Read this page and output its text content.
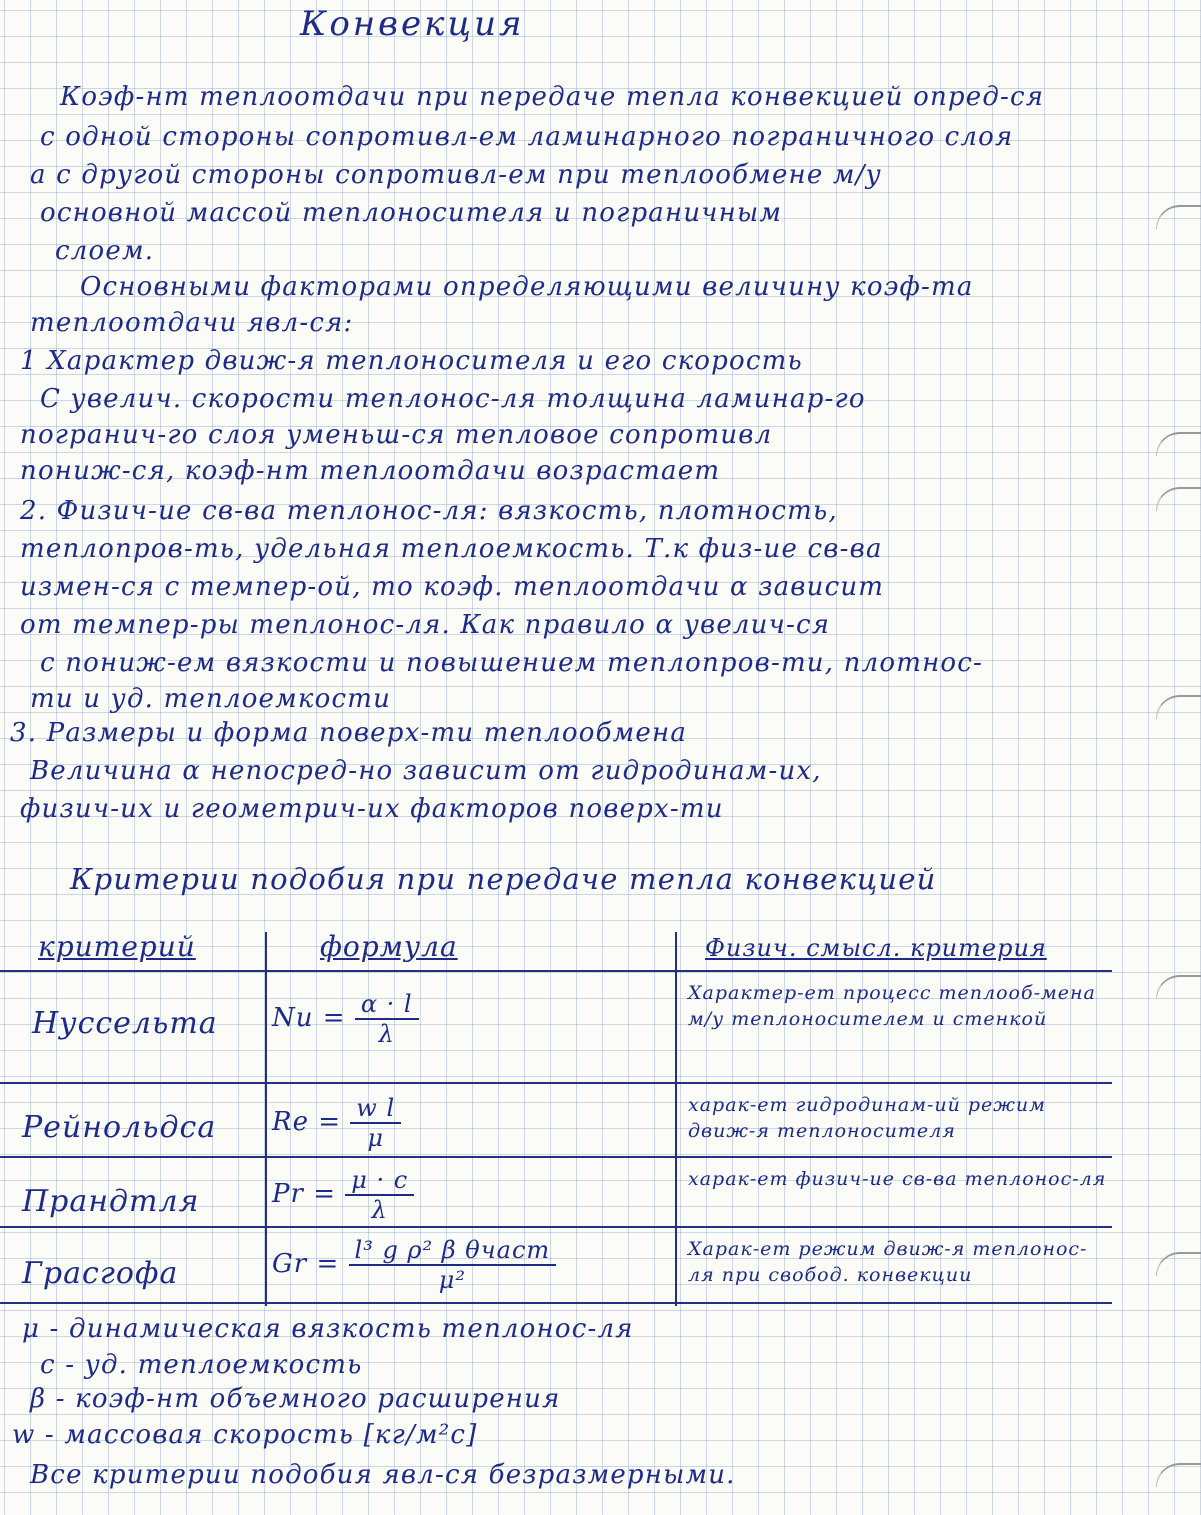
Конвекция
Коэф-нт теплоотдачи при передаче тепла конвекцией опред-ся
с одной стороны сопротивл-ем ламинарного пограничного слоя
а с другой стороны сопротивл-ем при теплообмене м/у
основной массой теплоносителя и пограничным
слоем.
Основными факторами определяющими величину коэф-та
теплоотдачи явл-ся:
1 Характер движ-я теплоносителя и его скорость
С увелич. скорости теплонос-ля толщина ламинар-го
погранич-го слоя уменьш-ся тепловое сопротивл
пониж-ся, коэф-нт теплоотдачи возрастает
2. Физич-ие св-ва теплонос-ля: вязкость, плотность,
теплопров-ть, удельная теплоемкость. Т.к физ-ие св-ва
измен-ся с темпер-ой, то коэф. теплоотдачи α зависит
от темпер-ры теплонос-ля. Как правило α увелич-ся
с пониж-ем вязкости и повышением теплопров-ти, плотнос-
ти и уд. теплоемкости
3. Размеры и форма поверх-ти теплообмена
Величина α непосред-но зависит от гидродинам-их,
физич-их и геометрич-их факторов поверх-ти
Критерии подобия при передаче тепла конвекцией
критерий	формула	Физич. смысл. критерия
Нуссельта $Nu = \frac{\alpha \cdot l}{\lambda}$	Характер-ет процесс теплооб-мена м/у теплоносителем и стенкой
Рейнольдса $Re = \frac{\text{w l}}{\mu}$	харак-ет гидродинам-ий режим движ-я теплоносителя
Прандтля	$Pr = \frac{\mu \cdot c}{\lambda}$	харак-ет физич-ие св-ва теплонос-ля
Грасгофа	$Gr = \frac{\text{l³ g ρ² β θчаст}}{\text{μ²}}$	Харак-ет режим движ-я теплонос-ля при свобод. конвекции
μ - динамическая вязкость теплонос-ля
c - уд. теплоемкость
β - коэф-нт объемного расширения
w - массовая скорость [кг/м²с]
Все критерии подобия явл-ся безразмерными.
